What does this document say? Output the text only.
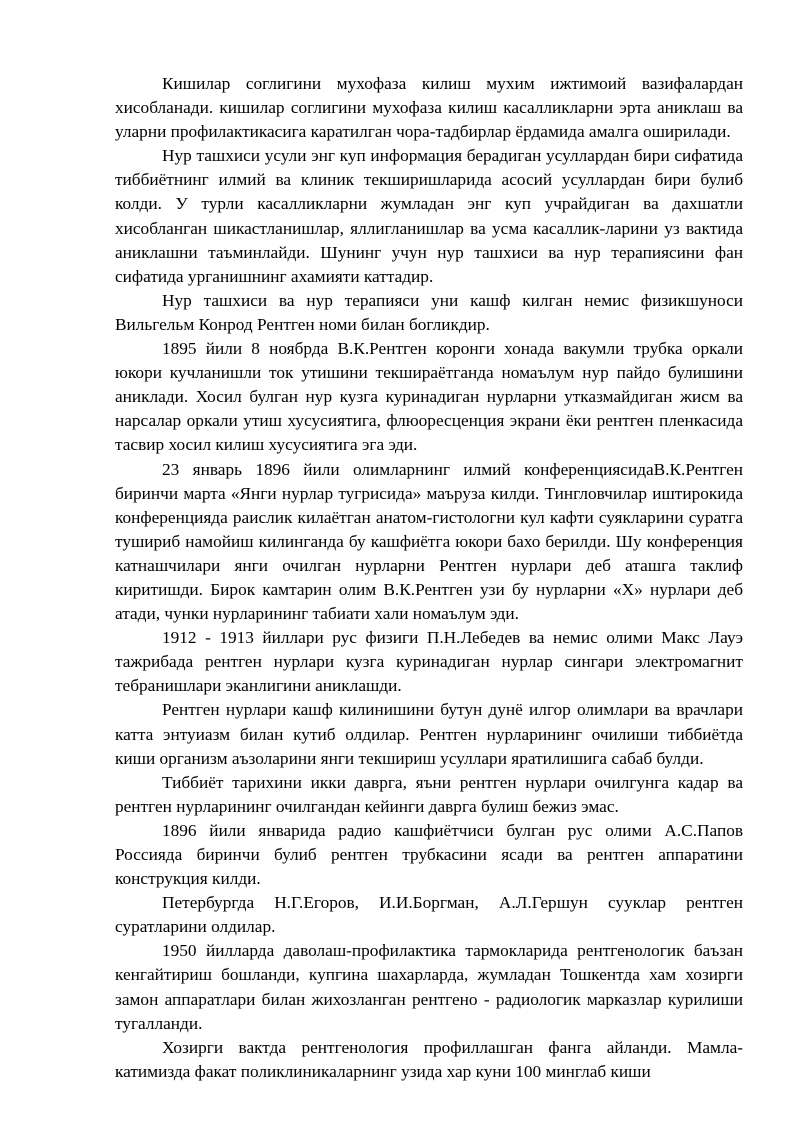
Кишилар соглигини мухофаза килиш мухим ижтимоий вазифалардан хисобланади. кишилар соглигини мухофаза килиш касалликларни эрта аниклаш ва уларни профилактикасига каратилган чора-тадбирлар ёрдамида амалга оширилади.

Нур ташхиси усули энг куп информация берадиган усуллардан бири сифатида тиббиётнинг илмий ва клиник текширишларида асосий усуллардан бири булиб колди. У турли касалликларни жумладан энг куп учрайдиган ва дахшатли хисобланган шикастланишлар, яллигланишлар ва усма касаллик-ларини уз вактида аниклашни таъминлайди. Шунинг учун нур ташхиси ва нур терапиясини фан сифатида урганишнинг ахамияти каттадир.

Нур ташхиси ва нур терапияси уни кашф килган немис физикшуноси Вильгельм Конрод Рентген номи билан богликдир.

1895 йили 8 ноябрда В.К.Рентген коронги хонада вакумли трубка оркали юкори кучланишли ток утишини текшираётганда номаълум нур пайдо булишини аниклади. Хосил булган нур кузга куринадиган нурларни утказмайдиган жисм ва нарсалар оркали утиш хусусиятига, флюоресценция экрани ёки рентген пленкасида тасвир хосил килиш хусусиятига эга эди.

23 январь 1896 йили олимларнинг илмий конференциясидаВ.К.Рентген биринчи марта «Янги нурлар тугрисида» маъруза килди. Тингловчилар иштирокида конференцияда раислик килаётган анатом-гистологни кул кафти суякларини суратга тушириб намойиш килинганда бу кашфиётга юкори бахо берилди. Шу конференция катнашчилари янги очилган нурларни Рентген нурлари деб аташга таклиф киритишди. Бирок камтарин олим В.К.Рентген узи бу нурларни «Х» нурлари деб атади, чунки нурларининг табиати хали номаълум эди.

1912 - 1913 йиллари рус физиги П.Н.Лебедев ва немис олими Макс Лауэ тажрибада рентген нурлари кузга куринадиган нурлар сингари электромагнит тебранишлари эканлигини аниклашди.

Рентген нурлари кашф килинишини бутун дунё илгор олимлари ва врачлари катта энтуиазм билан кутиб олдилар. Рентген нурларининг очилиши тиббиётда киши организм аъзоларини янги текшириш усуллари яратилишига сабаб булди.

Тиббиёт тарихини икки даврга, яъни рентген нурлари очилгунга кадар ва рентген нурларининг очилгандан кейинги даврга булиш бежиз эмас.

1896 йили январида радио кашфиётчиси булган рус олими А.С.Папов Россияда биринчи булиб рентген трубкасини ясади ва рентген аппаратини конструкция килди.

Петербургда Н.Г.Егоров, И.И.Боргман, А.Л.Гершун сууклар рентген суратларини олдилар.

1950 йилларда даволаш-профилактика тармокларида рентгенологик баъзан кенгайтириш бошланди, купгина шахарларда, жумладан Тошкентда хам хозирги замон аппаратлари билан жихозланган рентгено - радиологик марказлар курилиши тугалланди.

Хозирги вактда рентгенология профиллашган фанга айланди. Мамла-катимизда факат поликлиникаларнинг узида хар куни 100 минглаб киши
